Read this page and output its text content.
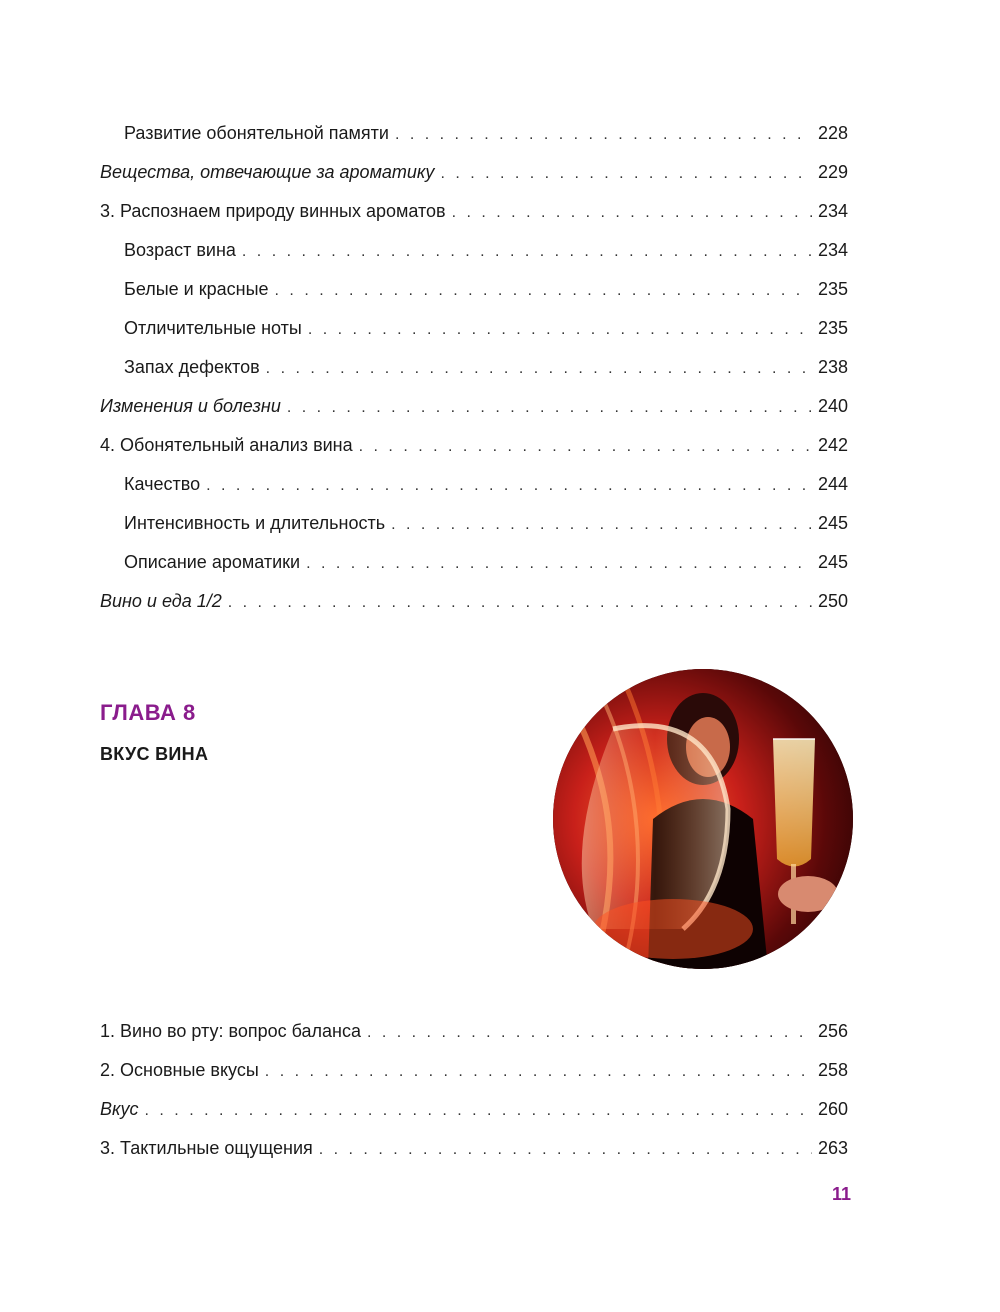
Развитие обонятельной памяти . . .	228
Вещества, отвечающие за ароматику . . .	229
3. Распознаем природу винных ароматов . . .	234
Возраст вина . . .	234
Белые и красные . . .	235
Отличительные ноты . . .	235
Запах дефектов . . .	238
Изменения и болезни . . .	240
4. Обонятельный анализ вина . . .	242
Качество . . .	244
Интенсивность и длительность . . .	245
Описание ароматики . . .	245
Вино и еда 1/2 . . .	250
ГЛАВА 8
ВКУС ВИНА
1. Вино во рту: вопрос баланса . . .	256
2. Основные вкусы . . .	258
Вкус . . .	260
3. Тактильные ощущения . . .	263
11
